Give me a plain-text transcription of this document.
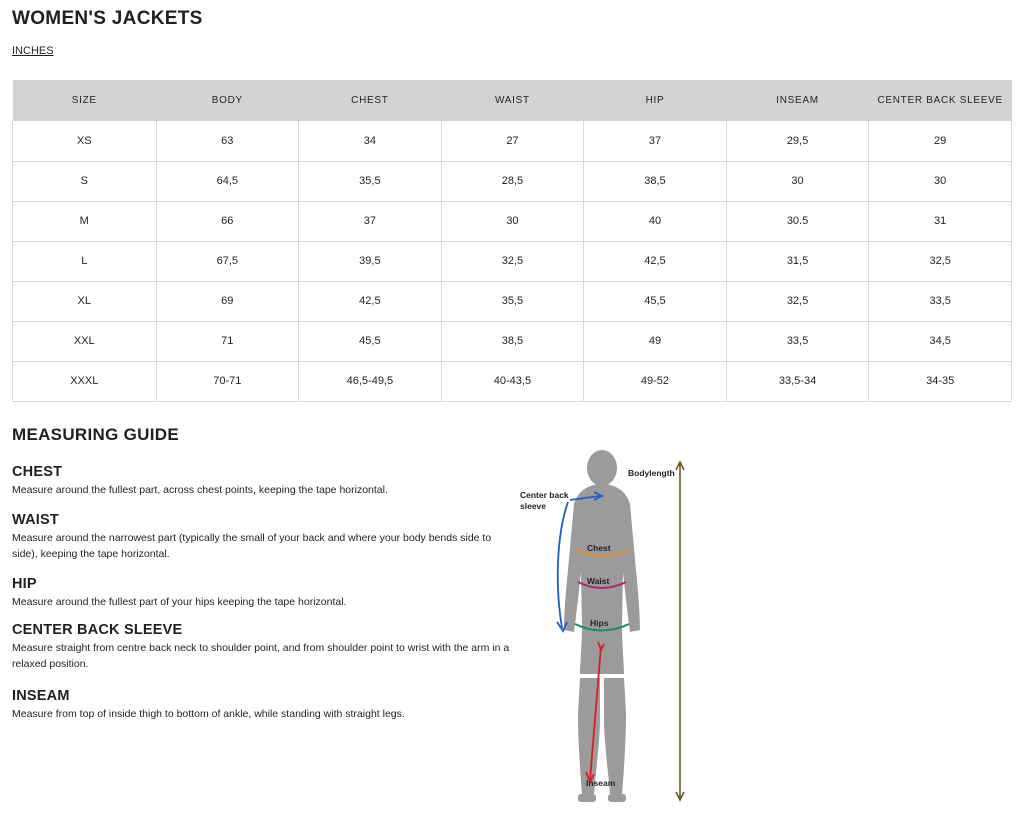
WOMEN'S JACKETS
INCHES
SIZE	BODY	CHEST	WAIST	HIP	INSEAM	CENTER BACK SLEEVE
XS	63	34	27	37	29,5	29
S	64,5	35,5	28,5	38,5	30	30
M	66	37	30	40	30.5	31
L	67,5	39,5	32,5	42,5	31,5	32,5
XL	69	42,5	35,5	45,5	32,5	33,5
XXL	71	45,5	38,5	49	33,5	34,5
XXXL	70-71	46,5-49,5	40-43,5	49-52	33,5-34	34-35
MEASURING GUIDE
CHEST

Measure around the fullest part, across chest points, keeping the tape horizontal.

WAIST

Measure around the narrowest part (typically the small of your back and where your body bends side to side), keeping the tape horizontal.

HIP

Measure around the fullest part of your hips keeping the tape horizontal.

CENTER BACK SLEEVE

Measure straight from centre back neck to shoulder point, and from shoulder point to wrist with the arm in a relaxed position.

INSEAM

Measure from top of inside thigh to bottom of ankle, while standing with straight legs.

Bodylength
Center back
sleeve
Chest
Waist
Hips
Inseam
